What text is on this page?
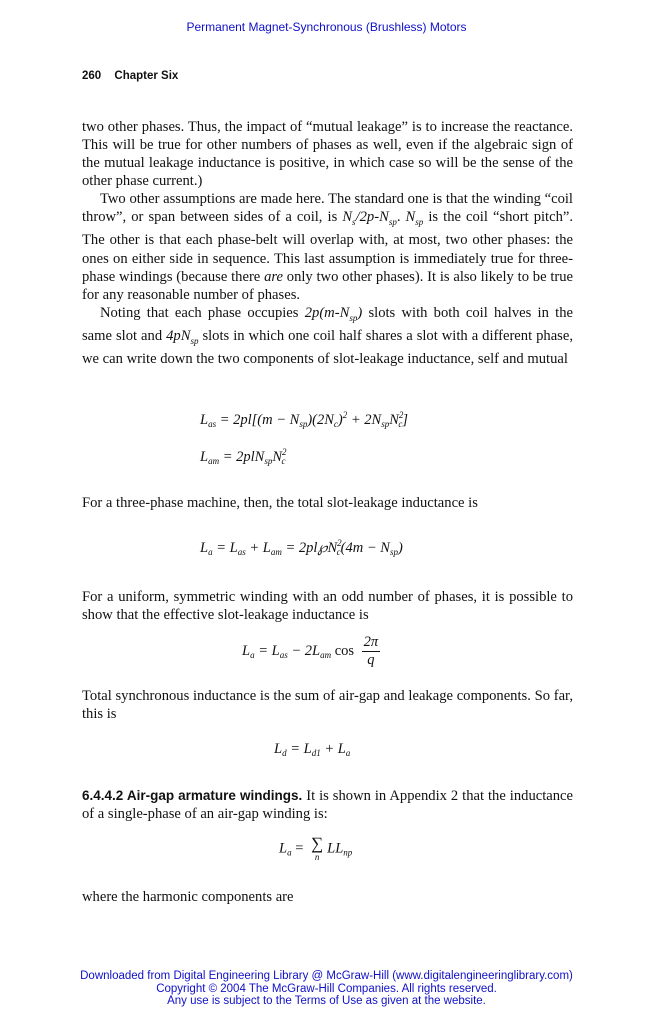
Permanent Magnet-Synchronous (Brushless) Motors
260 Chapter Six

two other phases. Thus, the impact of “mutual leakage” is to increase the reactance. This will be true for other numbers of phases as well, even if the algebraic sign of the mutual leakage inductance is positive, in which case so will be the sense of the other phase current.)

Two other assumptions are made here. The standard one is that the winding “coil throw”, or span between sides of a coil, is $N_s/2p-N_{sp}$. $N_{sp}$ is the coil “short pitch”. The other is that each phase-belt will overlap with, at most, two other phases: the ones on either side in sequence. This last assumption is immediately true for three-phase windings (because there are only two other phases). It is also likely to be true for any reasonable number of phases.

Noting that each phase occupies $2p(m-N_{sp})$ slots with both coil halves in the same slot and $4pN_{sp}$ slots in which one coil half shares a slot with a different phase, we can write down the two components of slot-leakage inductance, self and mutual

$L_{as} = 2pl[(m - N_{sp})(2N_c)^2 + 2N_{sp}N^2_c]$
$L_{am} = 2plN_{sp}N^2_c$
For a three-phase machine, then, the total slot-leakage inductance is
$L_a = L_{as} + L_{am}$ = $2pl℘N^2_c(4m - N_{sp})$
For a uniform, symmetric winding with an odd number of phases, it is possible to show that the effective slot-leakage inductance is
$L_a = L_{as} - 2L_{am}$ $\cos \frac{2\pi}{q}$
Total synchronous inductance is the sum of air-gap and leakage components. So far, this is
$L_d = L_{d1} + L_a$
6.4.4.2 Air-gap armature windings. It is shown in Appendix 2 that the inductance of a single-phase of an air-gap winding is:
$L_a$ = ∑
n
$LL_{np}$
where the harmonic components are
Downloaded from Digital Engineering Library @ McGraw-Hill (www.digitalengineeringlibrary.com)
Copyright © 2004 The McGraw-Hill Companies. All rights reserved.
Any use is subject to the Terms of Use as given at the website.
